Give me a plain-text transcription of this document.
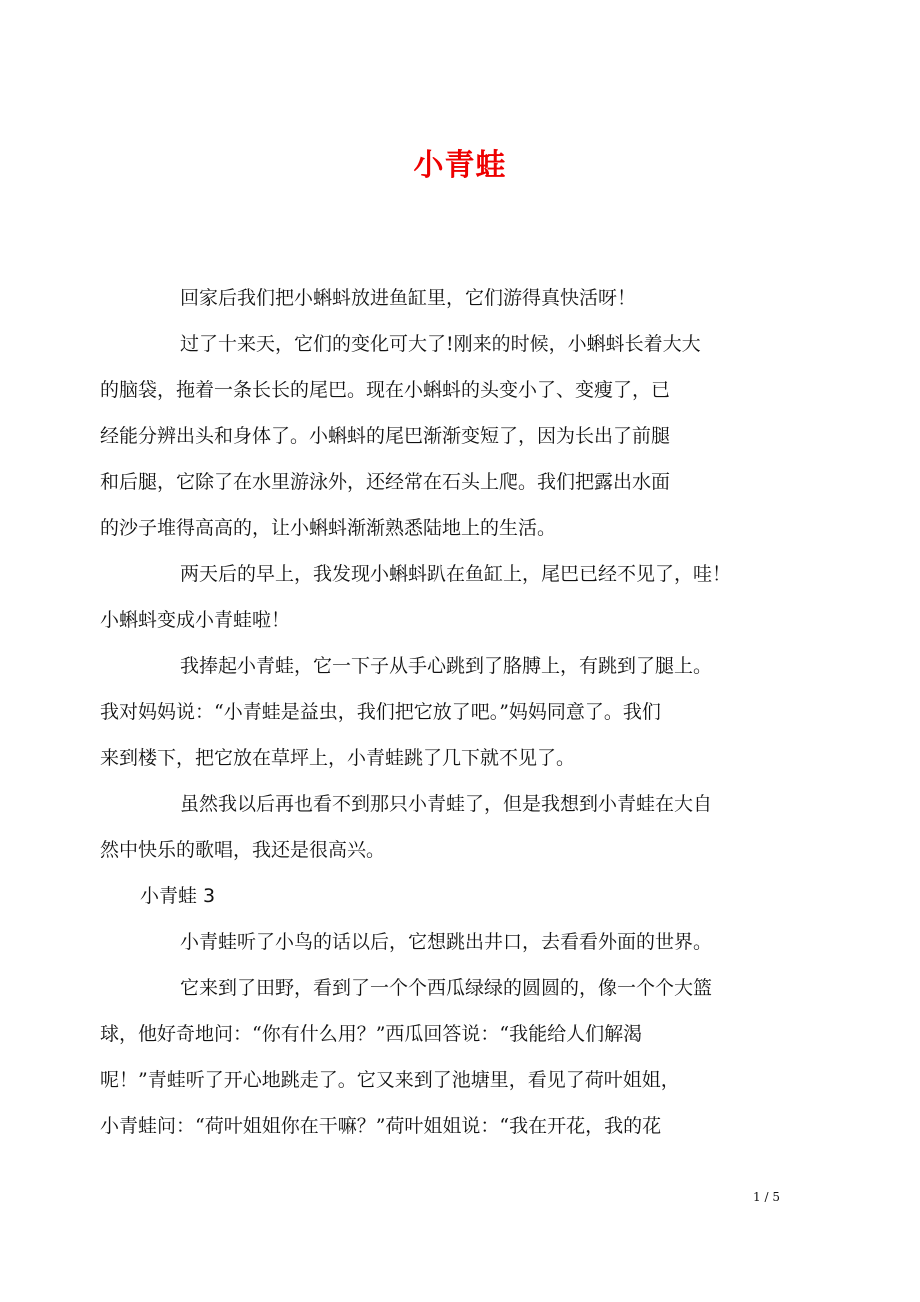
小青蛙

回家后我们把小蝌蚪放进鱼缸里，它们游得真快活呀！

过了十来天，它们的变化可大了!刚来的时候，小蝌蚪长着大大
的脑袋，拖着一条长长的尾巴。现在小蝌蚪的头变小了、变瘦了，已
经能分辨出头和身体了。小蝌蚪的尾巴渐渐变短了，因为长出了前腿
和后腿，它除了在水里游泳外，还经常在石头上爬。我们把露出水面
的沙子堆得高高的，让小蝌蚪渐渐熟悉陆地上的生活。

两天后的早上，我发现小蝌蚪趴在鱼缸上，尾巴已经不见了，哇！
小蝌蚪变成小青蛙啦！

我捧起小青蛙，它一下子从手心跳到了胳膊上，有跳到了腿上。
我对妈妈说：“小青蛙是益虫，我们把它放了吧。”妈妈同意了。我们
来到楼下，把它放在草坪上，小青蛙跳了几下就不见了。

虽然我以后再也看不到那只小青蛙了，但是我想到小青蛙在大自
然中快乐的歌唱，我还是很高兴。

小青蛙 3

小青蛙听了小鸟的话以后，它想跳出井口，去看看外面的世界。

它来到了田野，看到了一个个西瓜绿绿的圆圆的，像一个个大篮
球，他好奇地问：“你有什么用？”西瓜回答说：“我能给人们解渴
呢！”青蛙听了开心地跳走了。它又来到了池塘里，看见了荷叶姐姐，
小青蛙问：“荷叶姐姐你在干嘛？”荷叶姐姐说：“我在开花，我的花

1 / 5
